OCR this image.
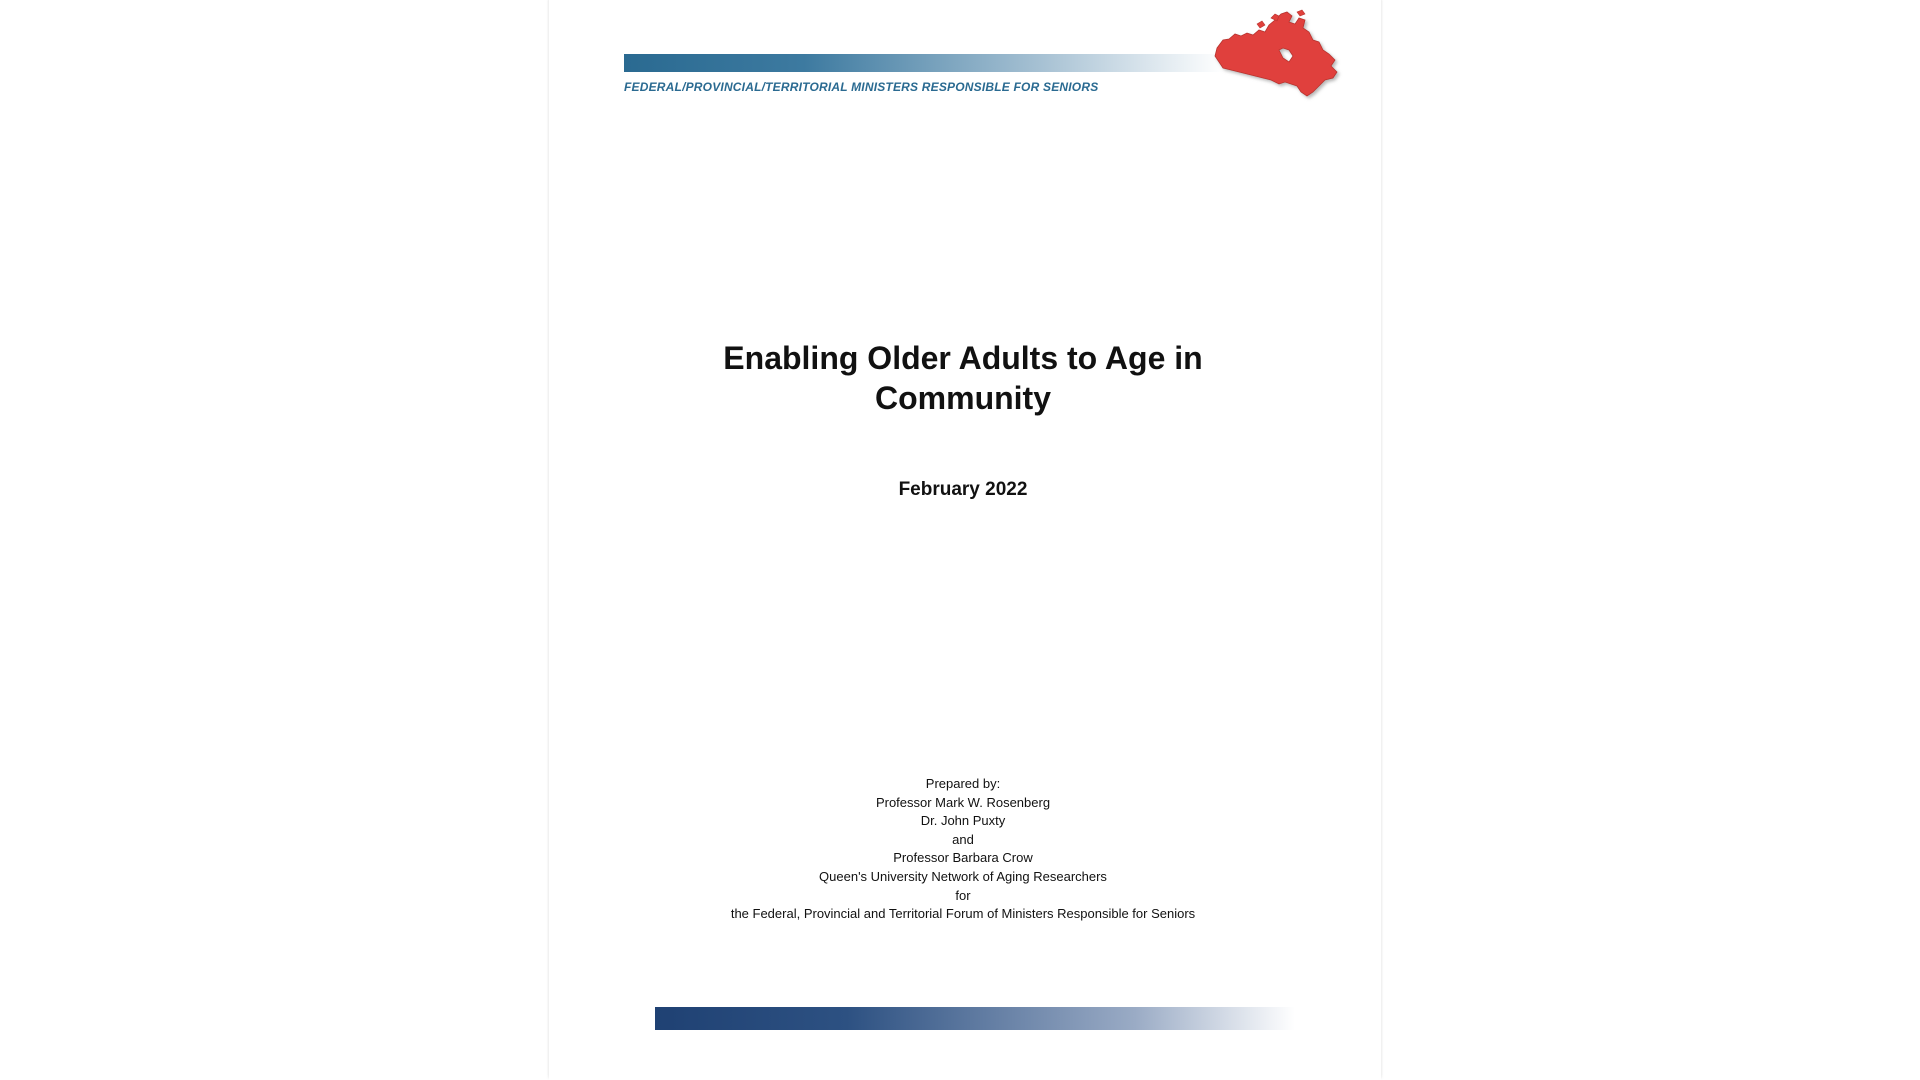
FEDERAL/PROVINCIAL/TERRITORIAL MINISTERS RESPONSIBLE FOR SENIORS
Enabling Older Adults to Age in
Community
February 2022
Prepared by:
Professor Mark W. Rosenberg
Dr. John Puxty
and
Professor Barbara Crow
Queen's University Network of Aging Researchers
for
the Federal, Provincial and Territorial Forum of Ministers Responsible for Seniors
